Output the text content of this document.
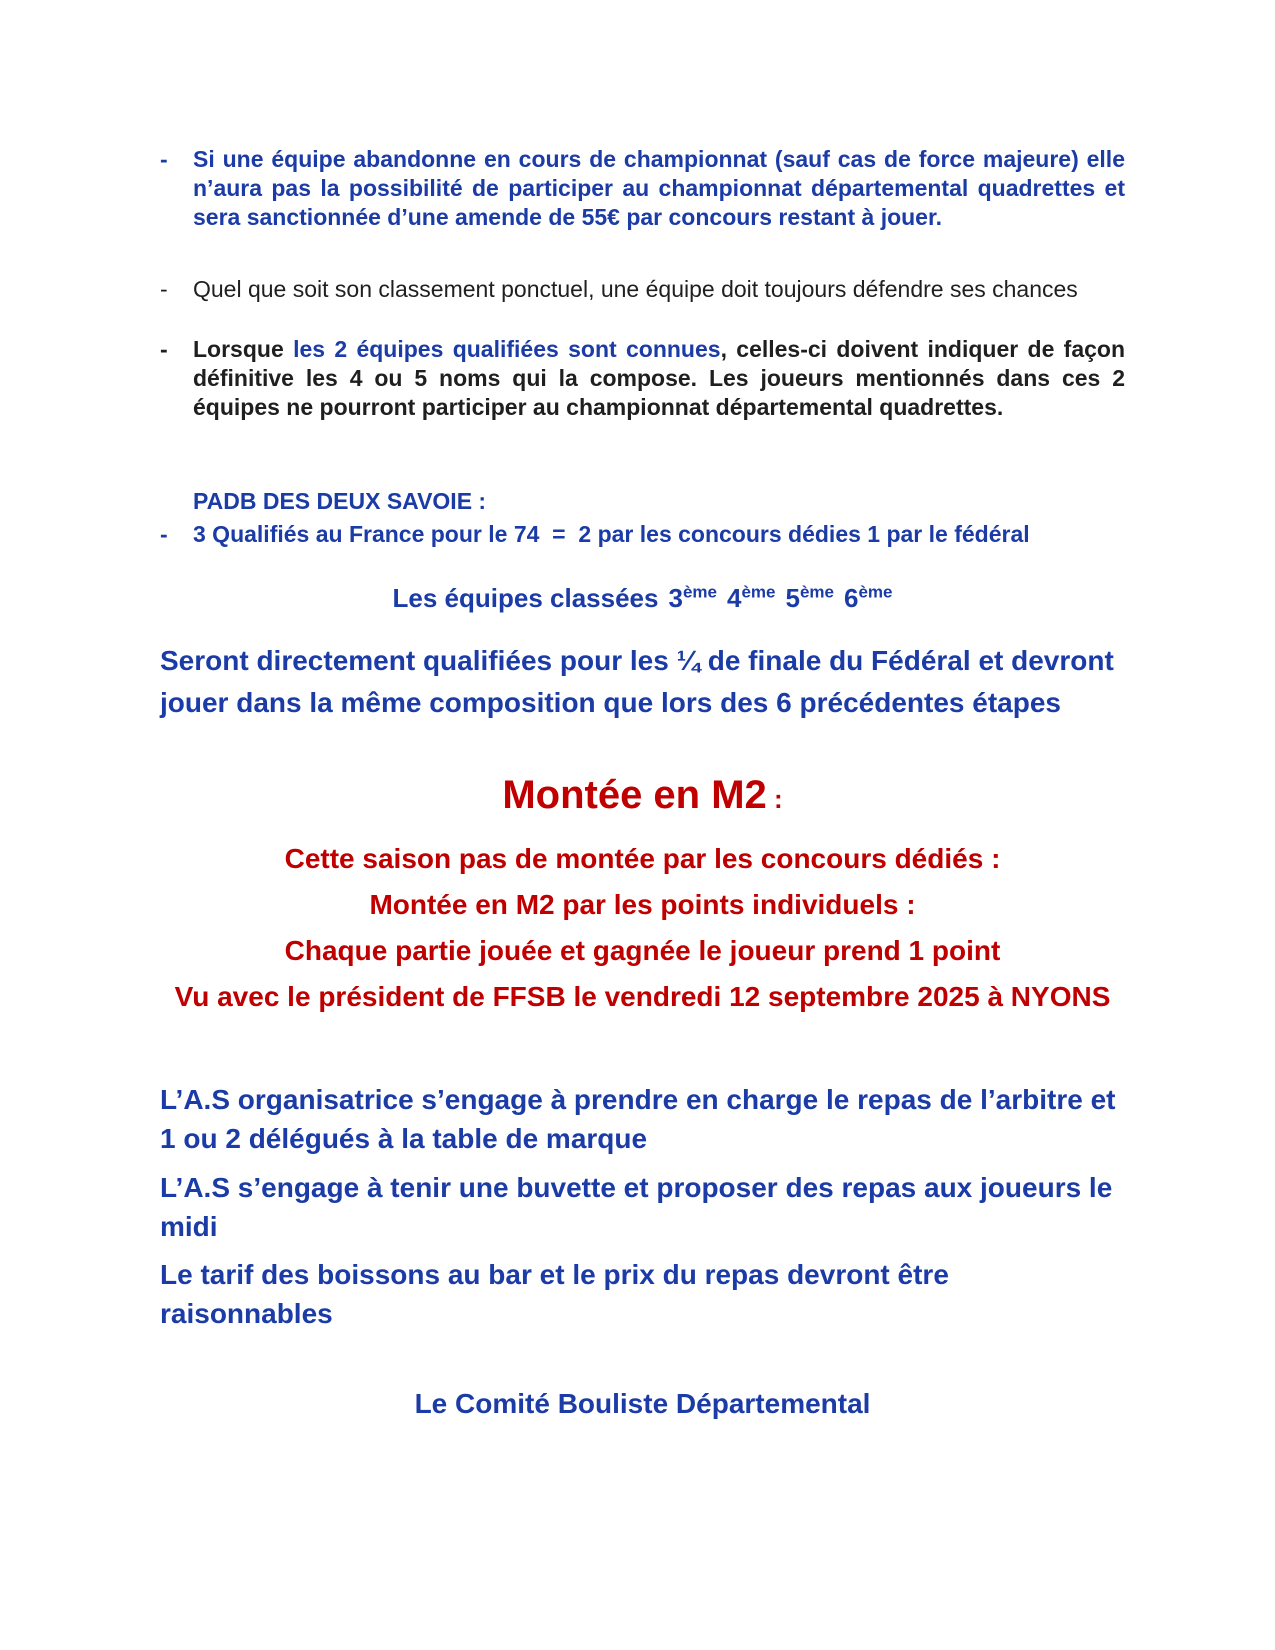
-	Si une équipe abandonne en cours de championnat (sauf cas de force majeure) elle n’aura pas la possibilité de participer au championnat départemental quadrettes et sera sanctionnée d’une amende de 55€ par concours restant à jouer.
-	Quel que soit son classement ponctuel, une équipe doit toujours défendre ses chances
-	Lorsque les 2 équipes qualifiées sont connues, celles-ci doivent indiquer de façon définitive les 4 ou 5 noms qui la compose. Les joueurs mentionnés dans ces 2 équipes ne pourront participer au championnat départemental quadrettes.
PADB DES DEUX SAVOIE :
-	3 Qualifiés au France pour le 74  =  2 par les concours dédies 1 par le fédéral
Les équipes classées 3ème 4ème 5ème 6ème
Seront directement qualifiées pour les ¼ de finale du Fédéral et devront jouer dans la même composition que lors des 6 précédentes étapes
Montée en M2 :
Cette saison pas de montée par les concours dédiés :
Montée en M2 par les points individuels :
Chaque partie jouée et gagnée le joueur prend 1 point
Vu avec le président de FFSB le vendredi 12 septembre 2025 à NYONS
L’A.S organisatrice s’engage à prendre en charge le repas de l’arbitre et 1 ou 2 délégués à la table de marque
L’A.S s’engage à tenir une buvette et proposer des repas aux joueurs le midi
Le tarif des boissons au bar et le prix du repas devront être raisonnables
Le Comité Bouliste Départemental
